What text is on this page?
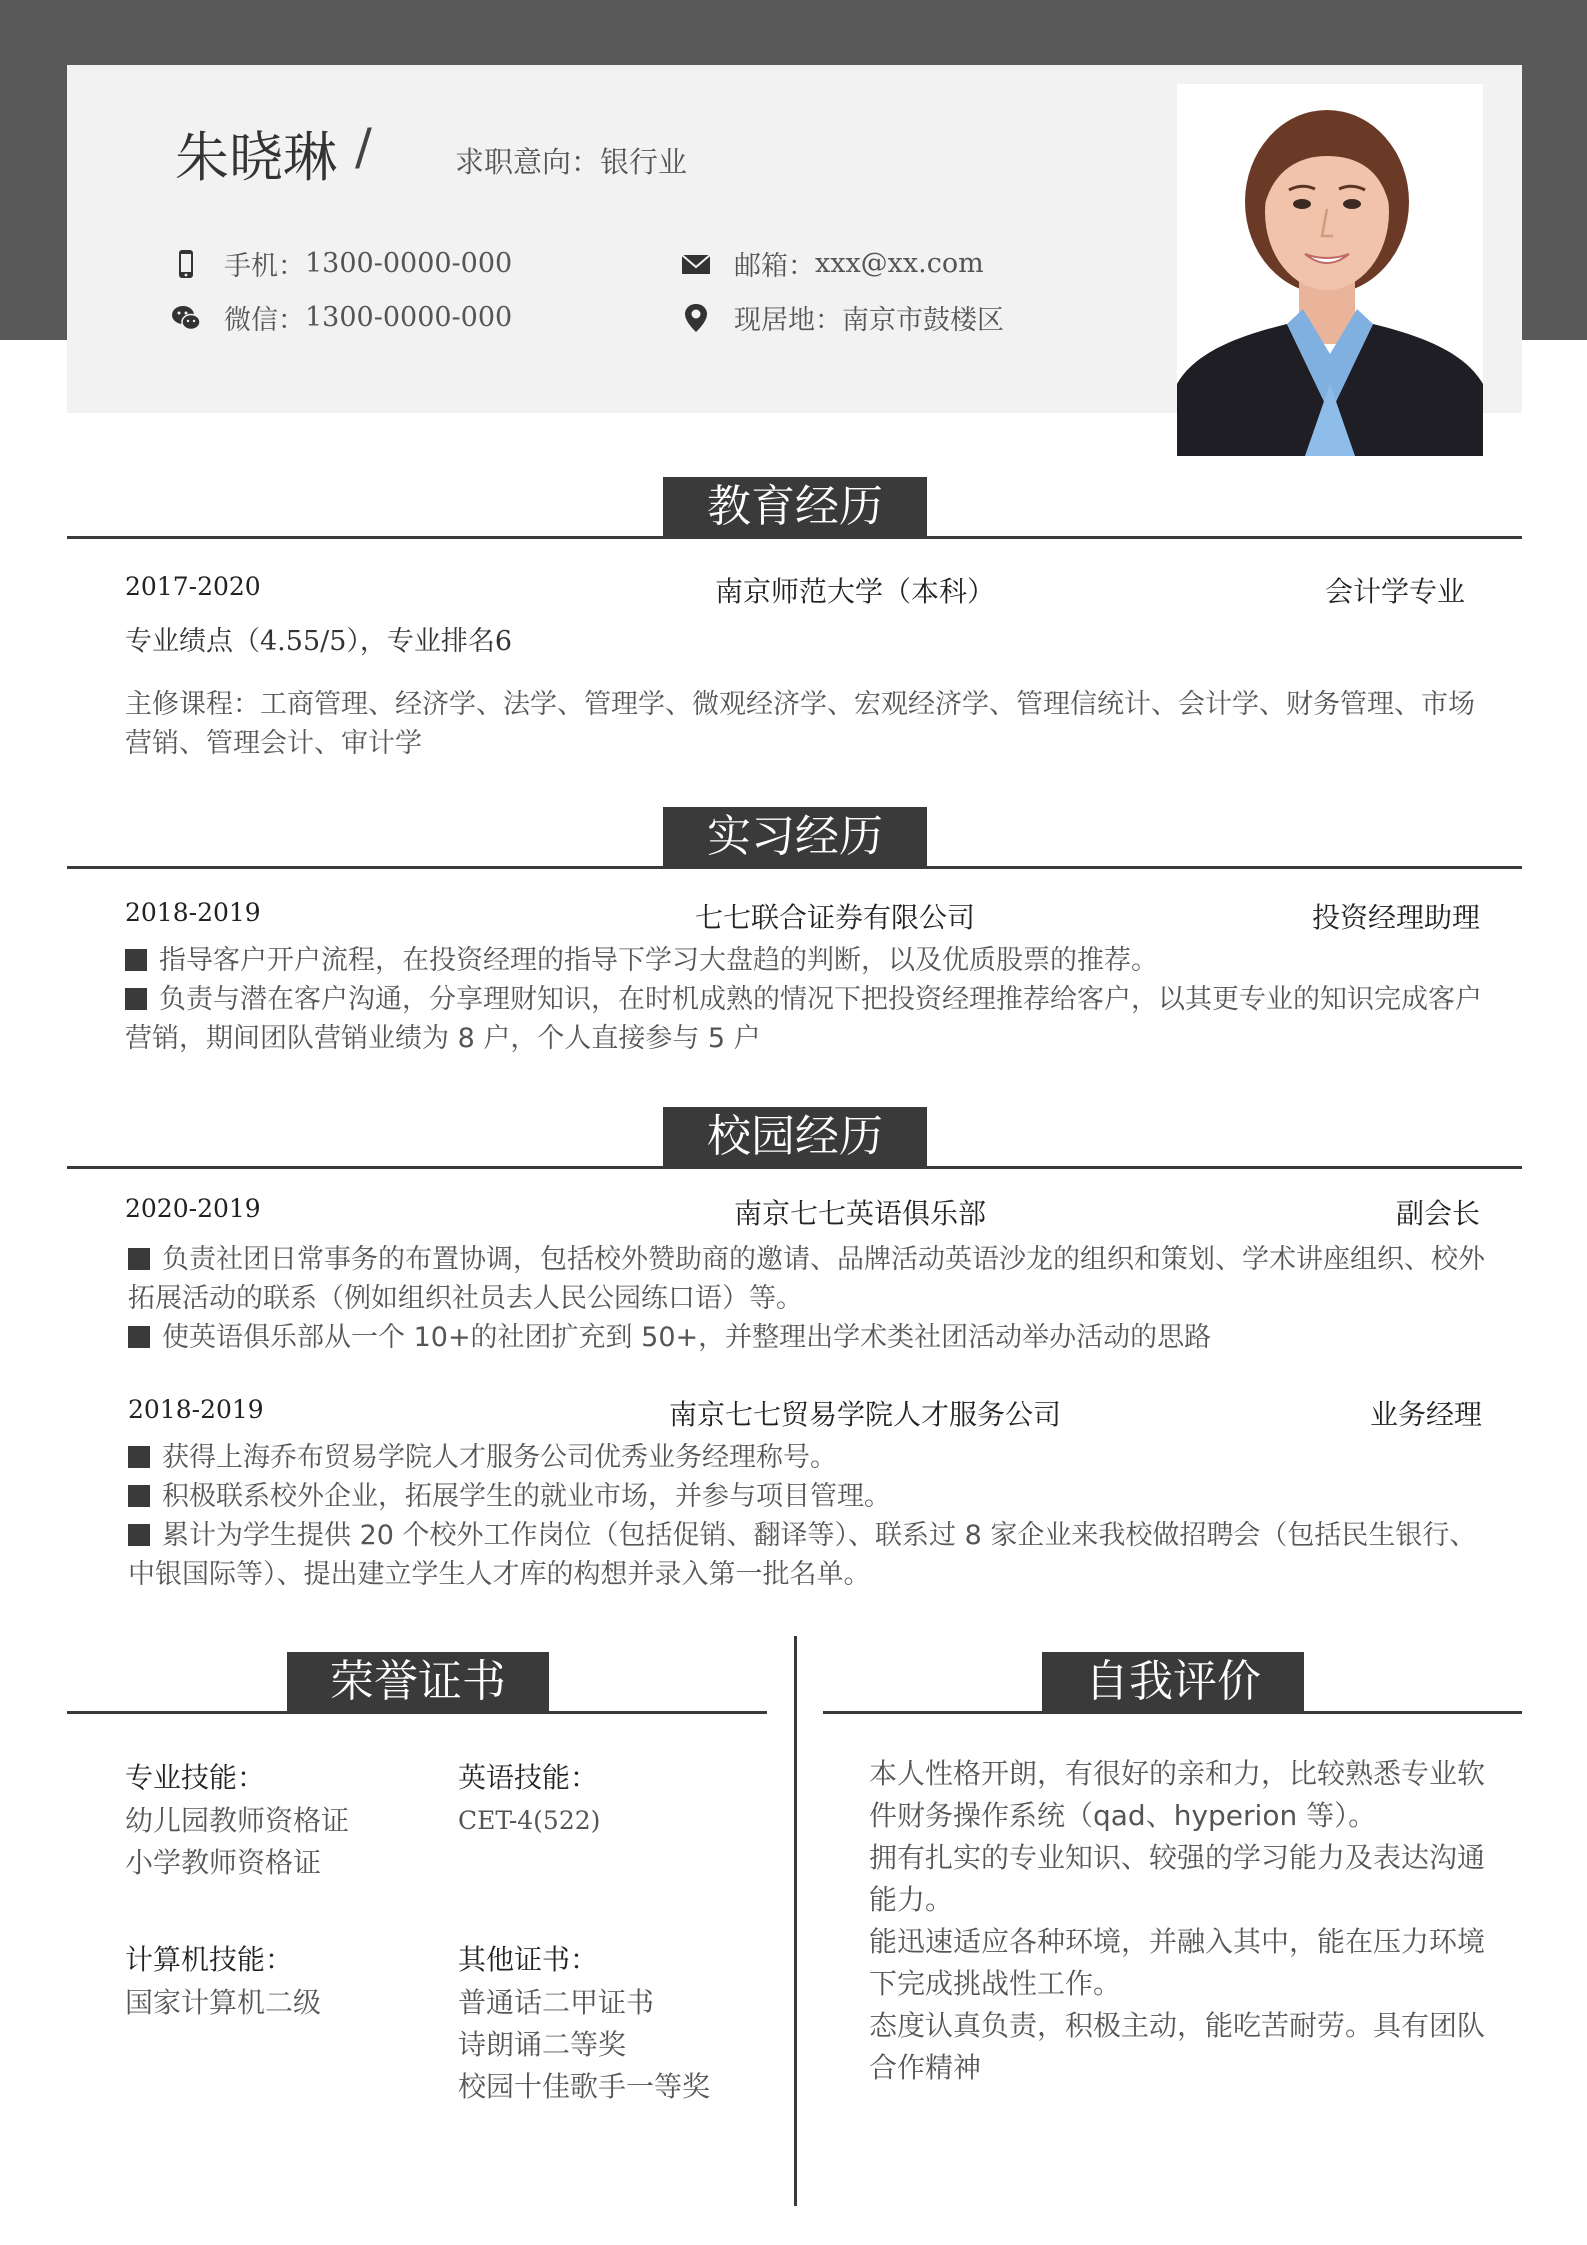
朱晓琳 /	求职意向：银行业
手机： 1300-0000-000
微信： 1300-0000-000
邮箱： xxx@xx.com
现居地： 南京市鼓楼区
教育经历
2017-2020	南京师范大学（本科）	会计学专业
专业绩点（4.55/5），专业排名6
主修课程：工商管理、经济学、法学、管理学、微观经济学、宏观经济学、管理信统计、会计学、财务管理、市场营销、管理会计、审计学
实习经历
2018-2019	七七联合证券有限公司	投资经理助理
指导客户开户流程，在投资经理的指导下学习大盘趋的判断，以及优质股票的推荐。
负责与潜在客户沟通，分享理财知识，在时机成熟的情况下把投资经理推荐给客户，以其更专业的知识完成客户营销，期间团队营销业绩为 8 户，个人直接参与 5 户
校园经历
2020-2019	南京七七英语俱乐部	副会长
负责社团日常事务的布置协调，包括校外赞助商的邀请、品牌活动英语沙龙的组织和策划、学术讲座组织、校外拓展活动的联系（例如组织社员去人民公园练口语）等。
使英语俱乐部从一个 10+的社团扩充到 50+，并整理出学术类社团活动举办活动的思路
2018-2019	南京七七贸易学院人才服务公司	业务经理
获得上海乔布贸易学院人才服务公司优秀业务经理称号。
积极联系校外企业，拓展学生的就业市场，并参与项目管理。
累计为学生提供 20 个校外工作岗位（包括促销、翻译等）、联系过 8 家企业来我校做招聘会（包括民生银行、中银国际等）、提出建立学生人才库的构想并录入第一批名单。
荣誉证书
专业技能：
幼儿园教师资格证
小学教师资格证
英语技能：
CET-4(522)
计算机技能：
国家计算机二级
其他证书：
普通话二甲证书
诗朗诵二等奖
校园十佳歌手一等奖
自我评价
本人性格开朗，有很好的亲和力，比较熟悉专业软件财务操作系统（qad、hyperion 等）。
拥有扎实的专业知识、较强的学习能力及表达沟通能力。
能迅速适应各种环境，并融入其中，能在压力环境下完成挑战性工作。
态度认真负责，积极主动，能吃苦耐劳。具有团队合作精神
